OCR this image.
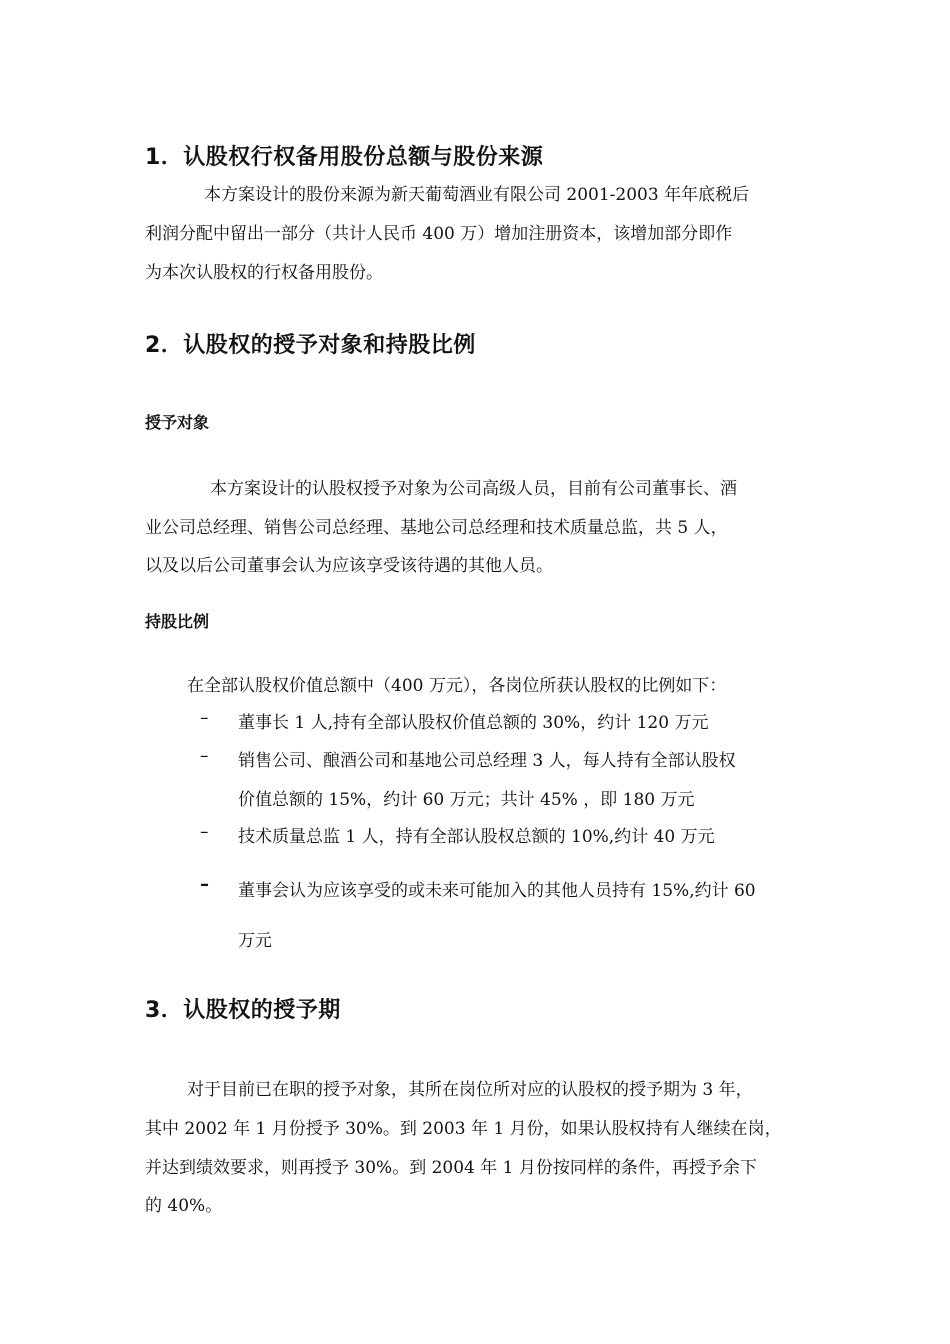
1．认股权行权备用股份总额与股份来源

本方案设计的股份来源为新天葡萄酒业有限公司 2001-2003 年年底税后

利润分配中留出一部分（共计人民币 400 万）增加注册资本，该增加部分即作

为本次认股权的行权备用股份。

2．认股权的授予对象和持股比例
授予对象

本方案设计的认股权授予对象为公司高级人员，目前有公司董事长、酒

业公司总经理、销售公司总经理、基地公司总经理和技术质量总监，共 5 人，

以及以后公司董事会认为应该享受该待遇的其他人员。

持股比例

在全部认股权价值总额中（400 万元），各岗位所获认股权的比例如下：

– 董事长 1 人,持有全部认股权价值总额的 30%，约计 120 万元

– 销售公司、酿酒公司和基地公司总经理 3 人，每人持有全部认股权

价值总额的 15%，约计 60 万元；共计 45% ，即 180 万元

– 技术质量总监 1 人，持有全部认股权总额的 10%,约计 40 万元

– 董事会认为应该享受的或未来可能加入的其他人员持有 15%,约计 60

万元

3．认股权的授予期

对于目前已在职的授予对象，其所在岗位所对应的认股权的授予期为 3 年，

其中 2002 年 1 月份授予 30%。到 2003 年 1 月份，如果认股权持有人继续在岗，

并达到绩效要求，则再授予 30%。到 2004 年 1 月份按同样的条件，再授予余下

的 40%。
